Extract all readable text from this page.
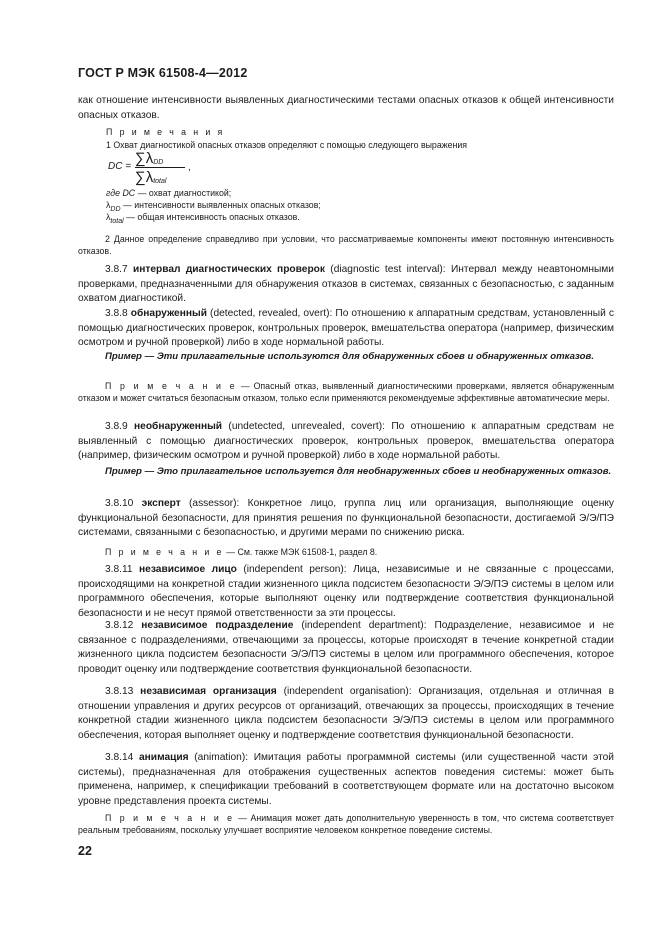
ГОСТ Р МЭК 61508-4—2012
как отношение интенсивности выявленных диагностическими тестами опасных отказов к общей интенсивности опасных отказов.
П р и м е ч а н и я
1 Охват диагностикой опасных отказов определяют с помощью следующего выражения
DC = $\sum\lambda_{DD}$
$\sum\lambda_{total}$
,
где DC — охват диагностикой;
$\lambda_{DD}$ — интенсивности выявленных опасных отказов;
$\lambda_{total}$ — общая интенсивность опасных отказов.
2 Данное определение справедливо при условии, что рассматриваемые компоненты имеют постоянную интенсивность отказов.
3.8.7 интервал диагностических проверок (diagnostic test interval): Интервал между неавтономными проверками, предназначенными для обнаружения отказов в системах, связанных с безопасностью, с заданным охватом диагностикой.
3.8.8 обнаруженный (detected, revealed, overt): По отношению к аппаратным средствам, установленный с помощью диагностических проверок, контрольных проверок, вмешательства оператора (например, физическим осмотром и ручной проверкой) либо в ходе нормальной работы.
Пример — Эти прилагательные используются для обнаруженных сбоев и обнаруженных отказов.
П р и м е ч а н и е — Опасный отказ, выявленный диагностическими проверками, является обнаруженным отказом и может считаться безопасным отказом, только если применяются рекомендуемые эффективные автоматические меры.
3.8.9 необнаруженный (undetected, unrevealed, covert): По отношению к аппаратным средствам не выявленный с помощью диагностических проверок, контрольных проверок, вмешательства оператора (например, физическим осмотром и ручной проверкой) либо в ходе нормальной работы.
Пример — Это прилагательное используется для необнаруженных сбоев и необнаруженных отказов.
3.8.10 эксперт (assessor): Конкретное лицо, группа лиц или организация, выполняющие оценку функциональной безопасности, для принятия решения по функциональной безопасности, достигаемой Э/Э/ПЭ системами, связанными с безопасностью, и другими мерами по снижению риска.
П р и м е ч а н и е — См. также МЭК 61508-1, раздел 8.
3.8.11 независимое лицо (independent person): Лица, независимые и не связанные с процессами, происходящими на конкретной стадии жизненного цикла подсистем безопасности Э/Э/ПЭ системы в целом или программного обеспечения, которые выполняют оценку или подтверждение соответствия функциональной безопасности и не несут прямой ответственности за эти процессы.
3.8.12 независимое подразделение (independent department): Подразделение, независимое и не связанное с подразделениями, отвечающими за процессы, которые происходят в течение конкретной стадии жизненного цикла подсистем безопасности Э/Э/ПЭ системы в целом или программного обеспечения, которое проводит оценку или подтверждение соответствия функциональной безопасности.
3.8.13 независимая организация (independent organisation): Организация, отдельная и отличная в отношении управления и других ресурсов от организаций, отвечающих за процессы, происходящих в течение конкретной стадии жизненного цикла подсистем безопасности Э/Э/ПЭ системы в целом или программного обеспечения, которая выполняет оценку и подтверждение соответствия функциональной безопасности.
3.8.14 анимация (animation): Имитация работы программной системы (или существенной части этой системы), предназначенная для отображения существенных аспектов поведения системы: может быть применена, например, к спецификации требований в соответствующем формате или на достаточно высоком уровне представления проекта системы.
П р и м е ч а н и е — Анимация может дать дополнительную уверенность в том, что система соответствует реальным требованиям, поскольку улучшает восприятие человеком конкретное поведение системы.
22
